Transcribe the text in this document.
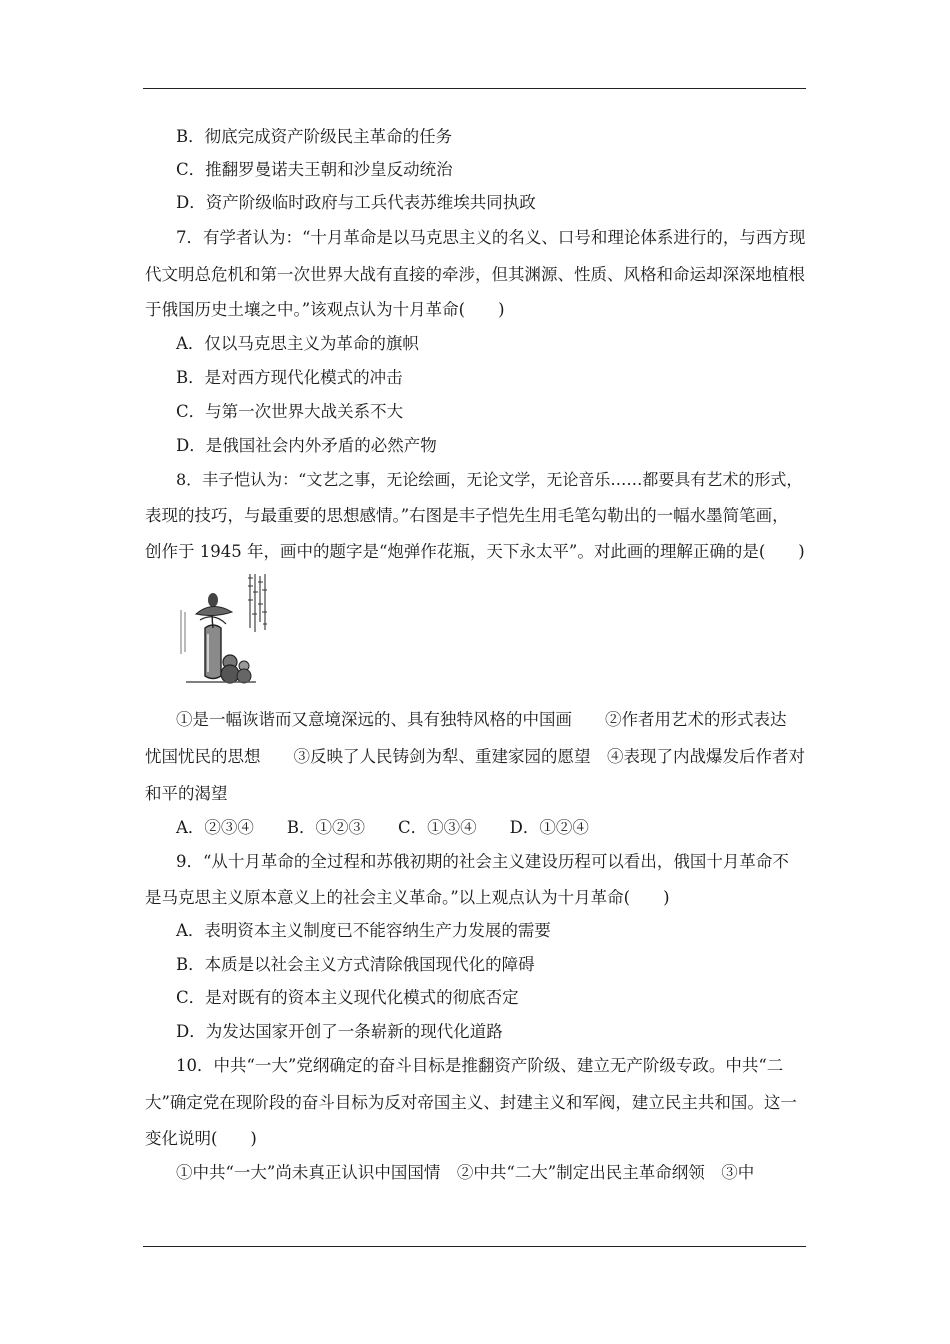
B．彻底完成资产阶级民主革命的任务
C．推翻罗曼诺夫王朝和沙皇反动统治
D．资产阶级临时政府与工兵代表苏维埃共同执政
7．有学者认为：“十月革命是以马克思主义的名义、口号和理论体系进行的，与西方现
代文明总危机和第一次世界大战有直接的牵涉，但其渊源、性质、风格和命运却深深地植根
于俄国历史土壤之中。”该观点认为十月革命(　　)
A．仅以马克思主义为革命的旗帜
B．是对西方现代化模式的冲击
C．与第一次世界大战关系不大
D．是俄国社会内外矛盾的必然产物
8．丰子恺认为：“文艺之事，无论绘画，无论文学，无论音乐……都要具有艺术的形式，
表现的技巧，与最重要的思想感情。”右图是丰子恺先生用毛笔勾勒出的一幅水墨简笔画，
创作于 1945 年，画中的题字是“炮弹作花瓶，天下永太平”。对此画的理解正确的是(　　)
①是一幅诙谐而又意境深远的、具有独特风格的中国画　　②作者用艺术的形式表达
忧国忧民的思想　　③反映了人民铸剑为犁、重建家园的愿望　④表现了内战爆发后作者对
和平的渴望
A．②③④　　B．①②③　　C．①③④　　D．①②④
9．“从十月革命的全过程和苏俄初期的社会主义建设历程可以看出，俄国十月革命不
是马克思主义原本意义上的社会主义革命。”以上观点认为十月革命(　　)
A．表明资本主义制度已不能容纳生产力发展的需要
B．本质是以社会主义方式清除俄国现代化的障碍
C．是对既有的资本主义现代化模式的彻底否定
D．为发达国家开创了一条崭新的现代化道路
10．中共“一大”党纲确定的奋斗目标是推翻资产阶级、建立无产阶级专政。中共“二
大”确定党在现阶段的奋斗目标为反对帝国主义、封建主义和军阀，建立民主共和国。这一
变化说明(　　)
①中共“一大”尚未真正认识中国国情　②中共“二大”制定出民主革命纲领　③中
